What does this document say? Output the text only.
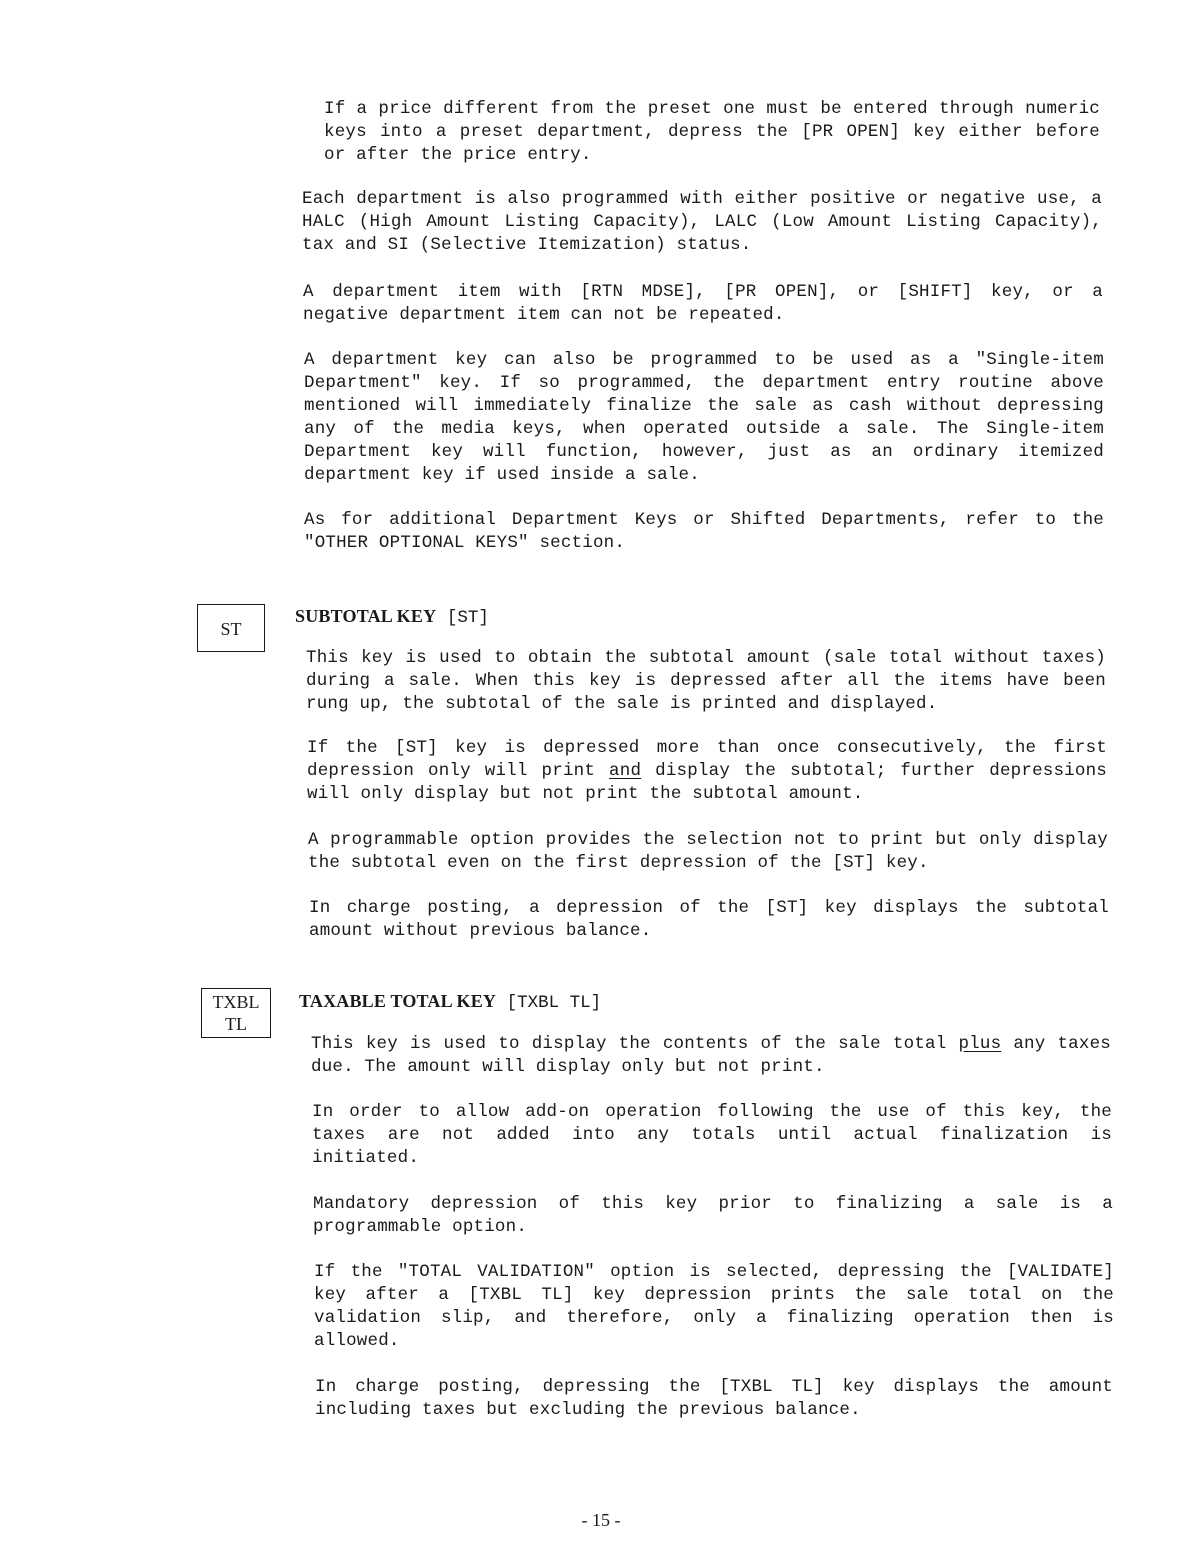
If a price different from the preset one must be entered through numeric keys into a preset department, depress the [PR OPEN] key either before or after the price entry.

Each department is also programmed with either positive or negative use, a HALC (High Amount Listing Capacity), LALC (Low Amount Listing Capacity), tax and SI (Selective Itemization) status.

A department item with [RTN MDSE], [PR OPEN], or [SHIFT] key, or a negative department item can not be repeated.

A department key can also be programmed to be used as a "Single-item Department" key. If so programmed, the department entry routine above mentioned will immediately finalize the sale as cash without depressing any of the media keys, when operated outside a sale. The Single-item Department key will function, however, just as an ordinary itemized department key if used inside a sale.

As for additional Department Keys or Shifted Departments, refer to the "OTHER OPTIONAL KEYS" section.

ST

SUBTOTAL KEY [ST]

This key is used to obtain the subtotal amount (sale total without taxes) during a sale. When this key is depressed after all the items have been rung up, the subtotal of the sale is printed and displayed.

If the [ST] key is depressed more than once consecutively, the first depression only will print and display the subtotal; further depressions will only display but not print the subtotal amount.

A programmable option provides the selection not to print but only display the subtotal even on the first depression of the [ST] key.

In charge posting, a depression of the [ST] key displays the subtotal amount without previous balance.

TXBL
TL

TAXABLE TOTAL KEY [TXBL TL]

This key is used to display the contents of the sale total plus any taxes due. The amount will display only but not print.

In order to allow add-on operation following the use of this key, the taxes are not added into any totals until actual finalization is initiated.

Mandatory depression of this key prior to finalizing a sale is a programmable option.

If the "TOTAL VALIDATION" option is selected, depressing the [VALIDATE] key after a [TXBL TL] key depression prints the sale total on the validation slip, and therefore, only a finalizing operation then is allowed.

In charge posting, depressing the [TXBL TL] key displays the amount including taxes but excluding the previous balance.

- 15 -
